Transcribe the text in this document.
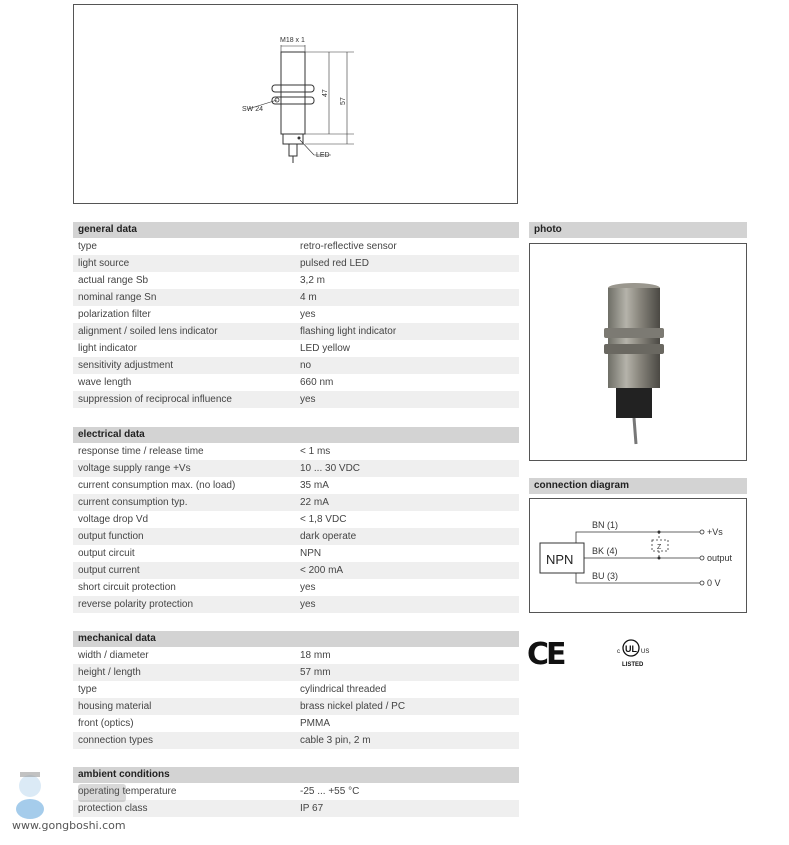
M18 x 1
47
57
SW 24
LED
general data
type	retro-reflective sensor
light source	pulsed red LED
actual range Sb	3,2 m
nominal range Sn	4 m
polarization filter	yes
alignment / soiled lens indicator	flashing light indicator
light indicator	LED yellow
sensitivity adjustment	no
wave length	660 nm
suppression of reciprocal influence	yes
electrical data
response time / release time	< 1 ms
voltage supply range +Vs	10 ... 30 VDC
current consumption max. (no load)	35 mA
current consumption typ.	22 mA
voltage drop Vd	< 1,8 VDC
output function	dark operate
output circuit	NPN
output current	< 200 mA
short circuit protection	yes
reverse polarity protection	yes
mechanical data
width / diameter	18 mm
height / length	57 mm
type	cylindrical threaded
housing material	brass nickel plated / PC
front (optics)	PMMA
connection types	cable 3 pin, 2 m
ambient conditions
operating temperature	-25 ... +55 °C
protection class	IP 67
photo
connection diagram
NPN
BN (1)
+Vs
BK (4)
output
BU (3)
0 V
Z
CE	c UL US
LISTED
www.gongboshi.com
